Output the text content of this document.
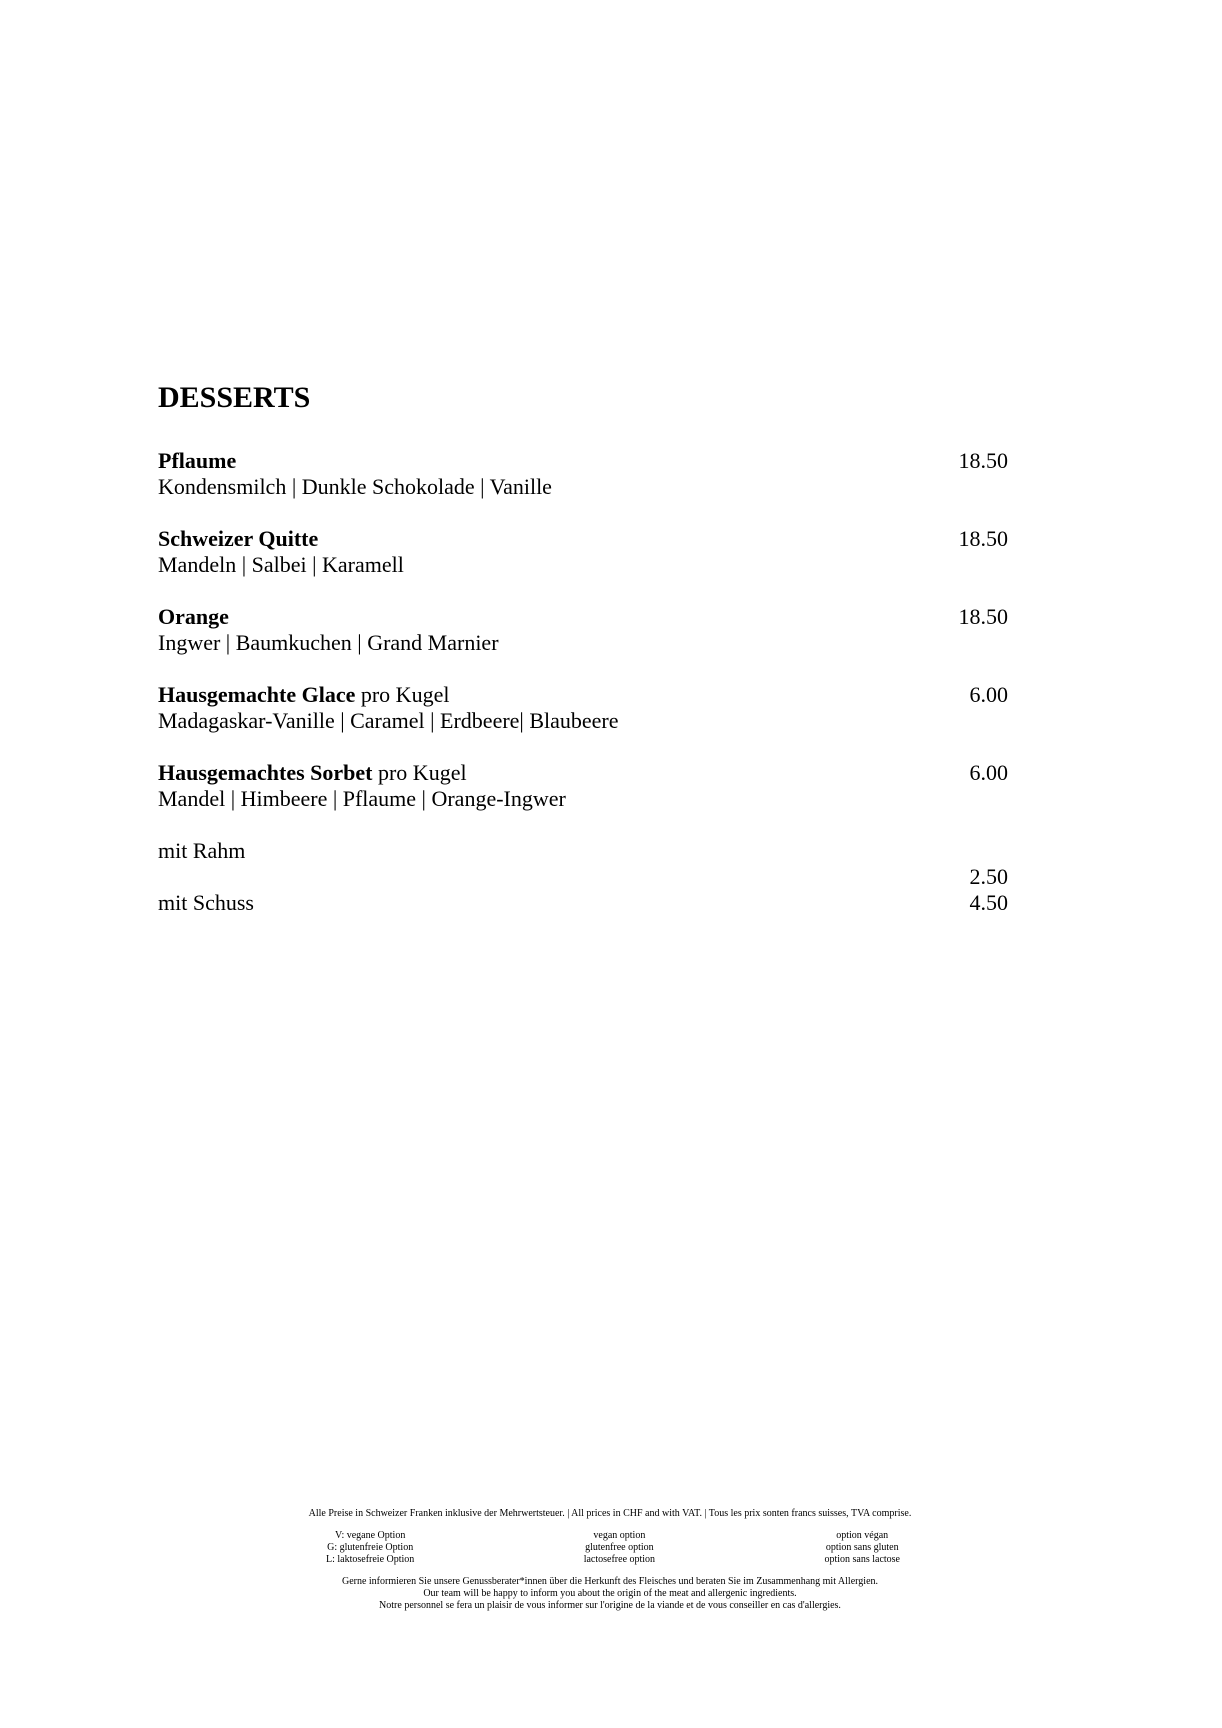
DESSERTS
Pflaume
Kondensmilch | Dunkle Schokolade | Vanille
18.50
Schweizer Quitte
Mandeln | Salbei | Karamell
18.50
Orange
Ingwer | Baumkuchen | Grand Marnier
18.50
Hausgemachte Glace pro Kugel
Madagaskar-Vanille | Caramel | Erdbeere| Blaubeere
6.00
Hausgemachtes Sorbet pro Kugel
Mandel | Himbeere | Pflaume | Orange-Ingwer
6.00
mit Rahm
2.50
mit Schuss	4.50
Alle Preise in Schweizer Franken inklusive der Mehrwertsteuer. | All prices in CHF and with VAT. | Tous les prix sonten francs suisses, TVA comprise.
V: vegane Option
G: glutenfreie Option
L: laktosefreie Option
vegan option
glutenfree option
lactosefree option
option végan
option sans gluten
option sans lactose

Gerne informieren Sie unsere Genussberater*innen über die Herkunft des Fleisches und beraten Sie im Zusammenhang mit Allergien.

Our team will be happy to inform you about the origin of the meat and allergenic ingredients.

Notre personnel se fera un plaisir de vous informer sur l'origine de la viande et de vous conseiller en cas d'allergies.
